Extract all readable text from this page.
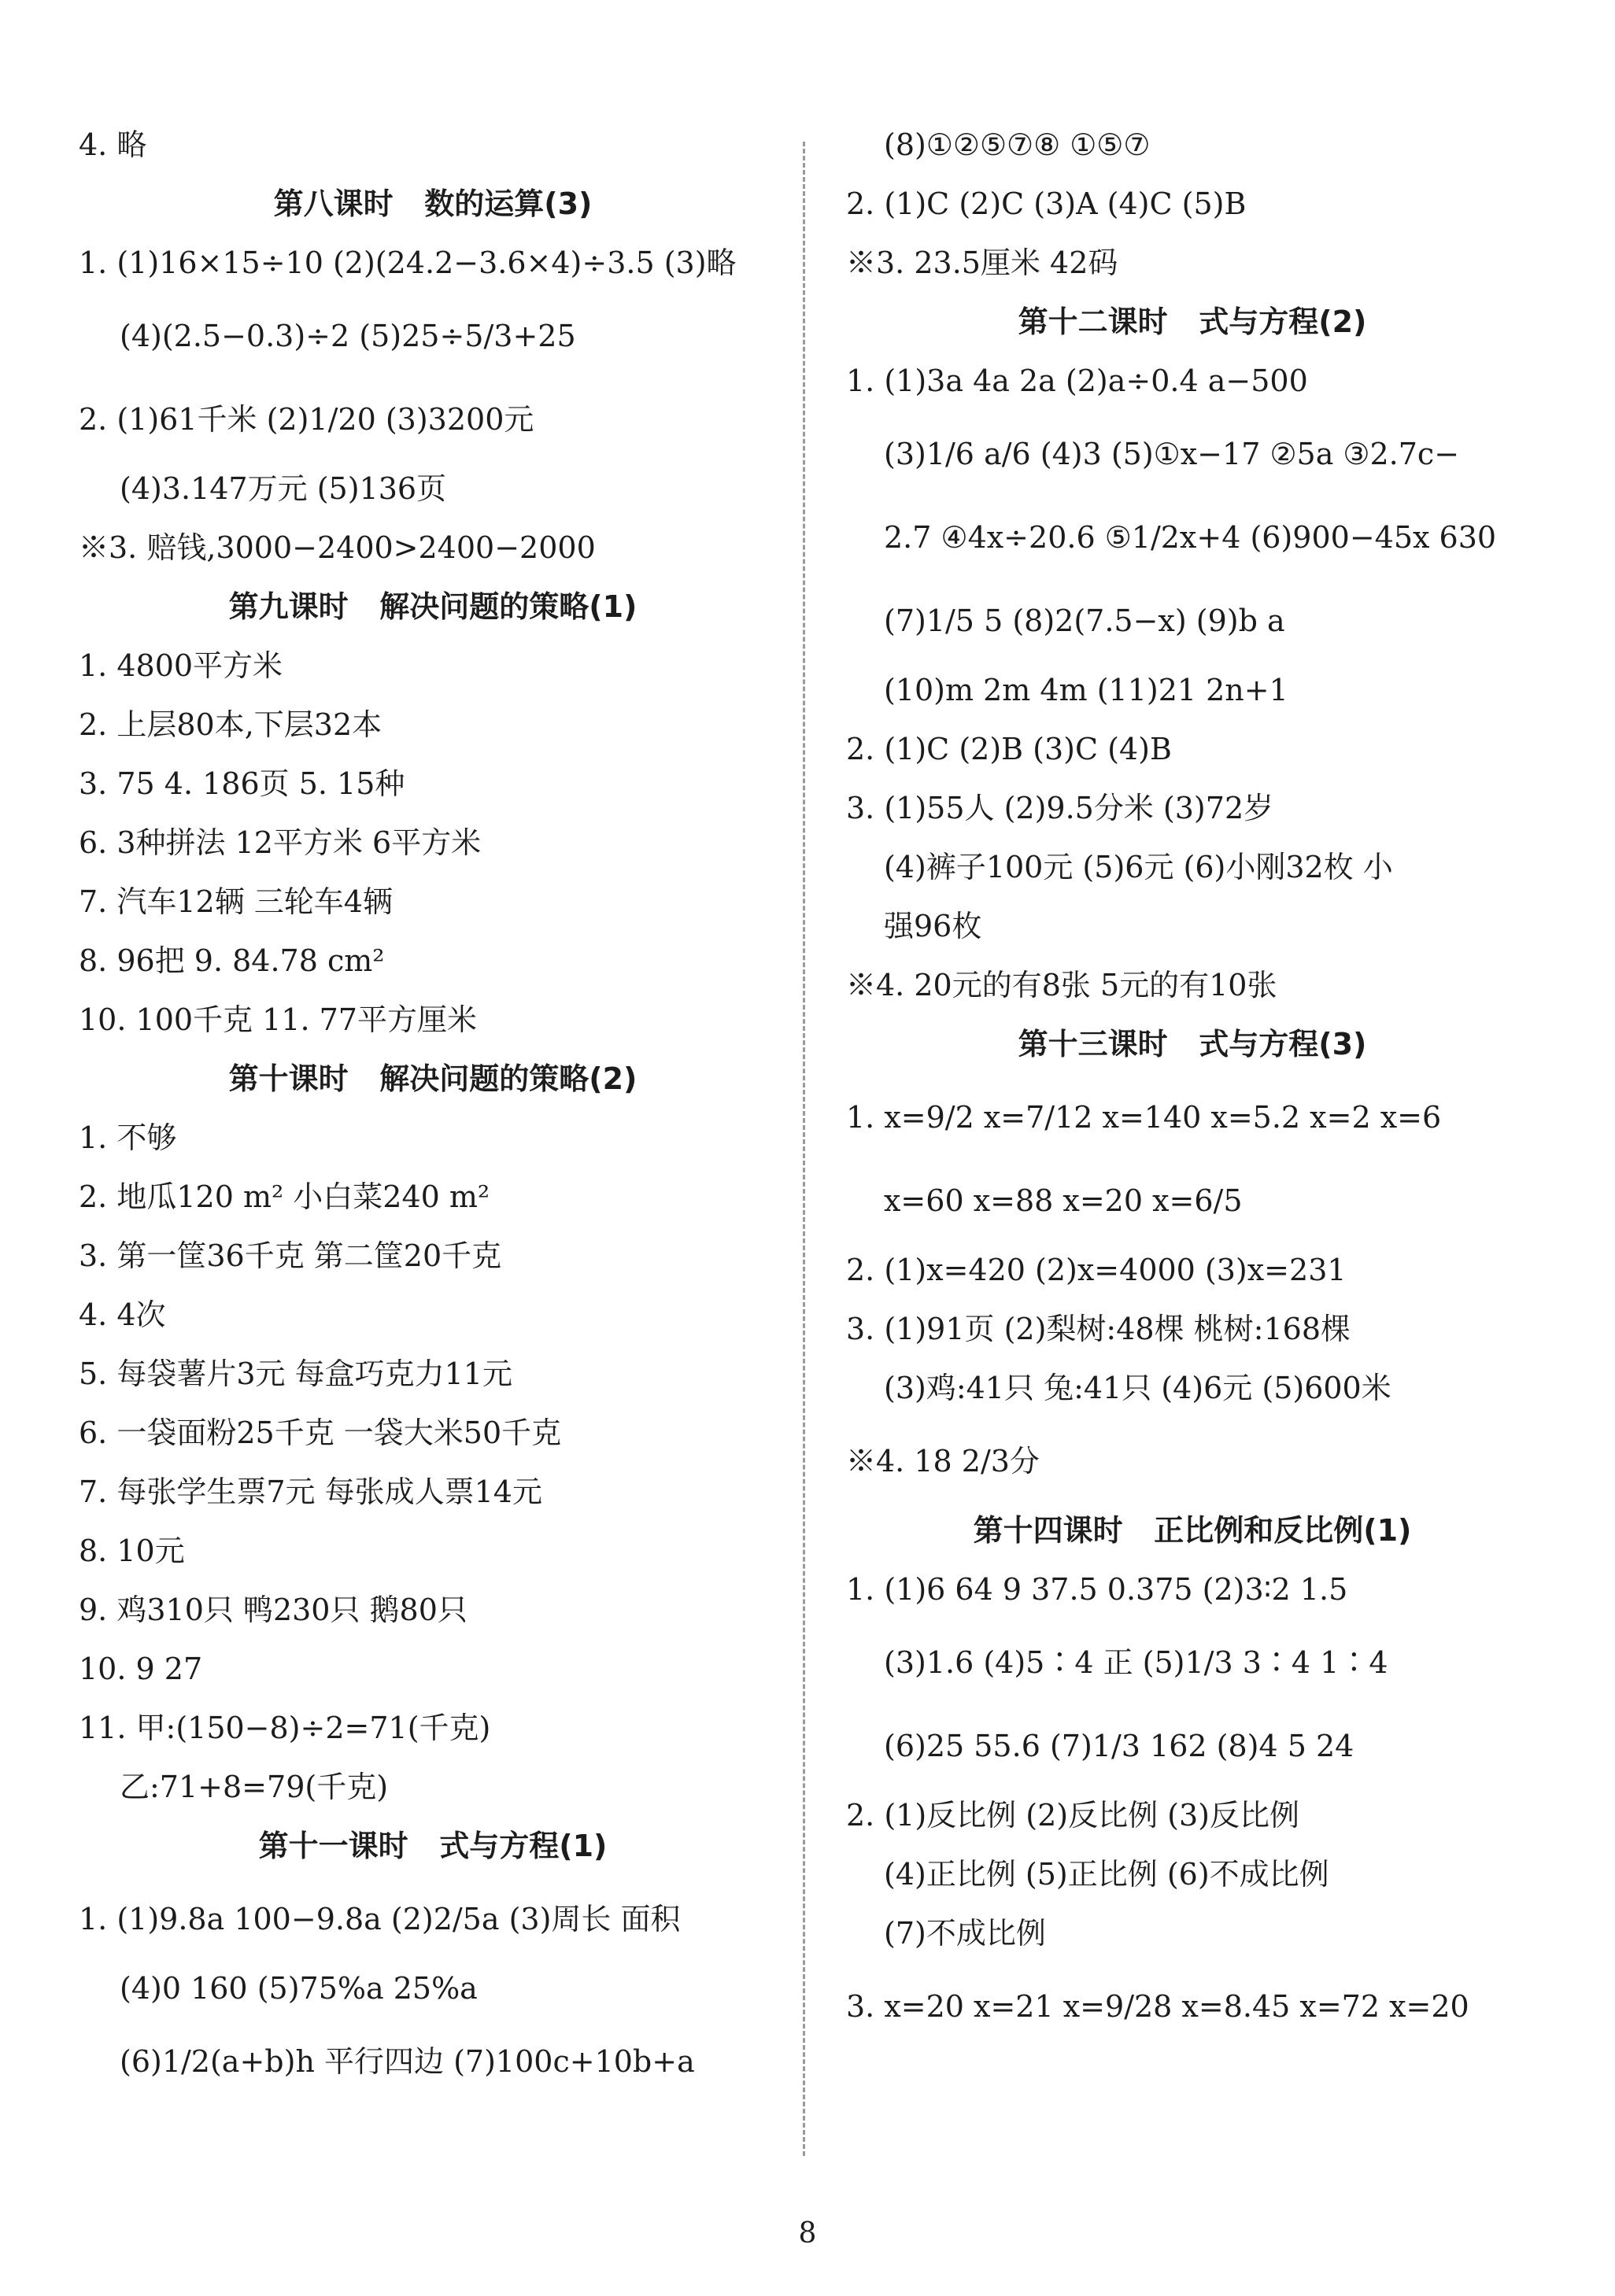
4. 略
第八课时   数的运算(3)
1. (1)16×15÷10 (2)(24.2−3.6×4)÷3.5 (3)略
(4)(2.5−0.3)÷2 (5)25÷5/3+25
2. (1)61千米 (2)1/20 (3)3200元
(4)3.147万元 (5)136页
※3. 赔钱,3000−2400>2400−2000
第九课时   解决问题的策略(1)
1. 4800平方米
2. 上层80本,下层32本
3. 75 4. 186页 5. 15种
6. 3种拼法 12平方米 6平方米
7. 汽车12辆 三轮车4辆
8. 96把 9. 84.78 cm²
10. 100千克 11. 77平方厘米
第十课时   解决问题的策略(2)
1. 不够
2. 地瓜120 m² 小白菜240 m²
3. 第一筐36千克 第二筐20千克
4. 4次
5. 每袋薯片3元 每盒巧克力11元
6. 一袋面粉25千克 一袋大米50千克
7. 每张学生票7元 每张成人票14元
8. 10元
9. 鸡310只 鸭230只 鹅80只
10. 9 27
11. 甲:(150−8)÷2=71(千克)
乙:71+8=79(千克)
第十一课时   式与方程(1)
1. (1)9.8a 100−9.8a (2)2/5a (3)周长 面积
(4)0 160 (5)75%a 25%a
(6)1/2(a+b)h 平行四边 (7)100c+10b+a
(8)①②⑤⑦⑧ ①⑤⑦
2. (1)C (2)C (3)A (4)C (5)B
※3. 23.5厘米 42码
第十二课时   式与方程(2)
1. (1)3a 4a 2a (2)a÷0.4 a−500
(3)1/6 a/6 (4)3 (5)①x−17 ②5a ③2.7c−
2.7 ④4x÷20.6 ⑤1/2x+4 (6)900−45x 630
(7)1/5 5 (8)2(7.5−x) (9)b a
(10)m 2m 4m (11)21 2n+1
2. (1)C (2)B (3)C (4)B
3. (1)55人 (2)9.5分米 (3)72岁
(4)裤子100元 (5)6元 (6)小刚32枚 小
强96枚
※4. 20元的有8张 5元的有10张
第十三课时   式与方程(3)
1. x=9/2 x=7/12 x=140 x=5.2 x=2 x=6
x=60 x=88 x=20 x=6/5
2. (1)x=420 (2)x=4000 (3)x=231
3. (1)91页 (2)梨树:48棵 桃树:168棵
(3)鸡:41只 兔:41只 (4)6元 (5)600米
※4. 18 2/3分
第十四课时   正比例和反比例(1)
1. (1)6 64 9 37.5 0.375 (2)3∶2 1.5
(3)1.6 (4)5∶4 正 (5)1/3 3∶4 1∶4
(6)25 55.6 (7)1/3 162 (8)4 5 24
2. (1)反比例 (2)反比例 (3)反比例
(4)正比例 (5)正比例 (6)不成比例
(7)不成比例
3. x=20 x=21 x=9/28 x=8.45 x=72 x=20
8
